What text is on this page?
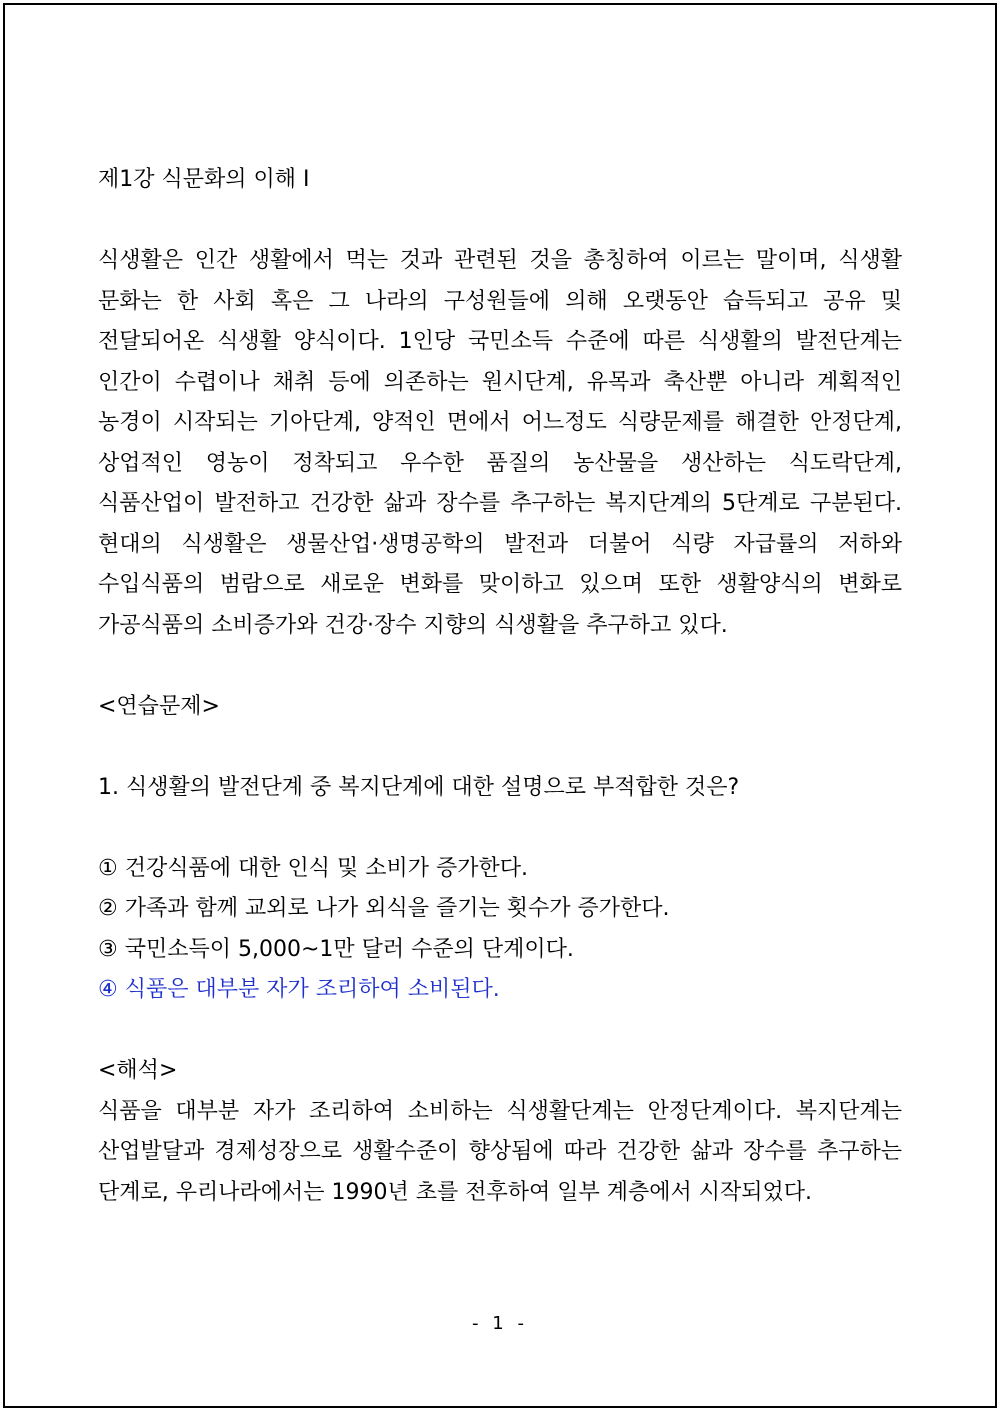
제1강 식문화의 이해 Ⅰ

식생활은 인간 생활에서 먹는 것과 관련된 것을 총칭하여 이르는 말이며, 식생활 문화는 한 사회 혹은 그 나라의 구성원들에 의해 오랫동안 습득되고 공유 및 전달되어온 식생활 양식이다. 1인당 국민소득 수준에 따른 식생활의 발전단계는 인간이 수렵이나 채취 등에 의존하는 원시단계, 유목과 축산뿐 아니라 계획적인 농경이 시작되는 기아단계, 양적인 면에서 어느정도 식량문제를 해결한 안정단계, 상업적인 영농이 정착되고 우수한 품질의 농산물을 생산하는 식도락단계, 식품산업이 발전하고 건강한 삶과 장수를 추구하는 복지단계의 5단계로 구분된다. 현대의 식생활은 생물산업·생명공학의 발전과 더불어 식량 자급률의 저하와 수입식품의 범람으로 새로운 변화를 맞이하고 있으며 또한 생활양식의 변화로 가공식품의 소비증가와 건강·장수 지향의 식생활을 추구하고 있다.

<연습문제>

1. 식생활의 발전단계 중 복지단계에 대한 설명으로 부적합한 것은?

① 건강식품에 대한 인식 및 소비가 증가한다.

② 가족과 함께 교외로 나가 외식을 즐기는 횟수가 증가한다.

③ 국민소득이 5,000~1만 달러 수준의 단계이다.

④ 식품은 대부분 자가 조리하여 소비된다.

<해석>

식품을 대부분 자가 조리하여 소비하는 식생활단계는 안정단계이다. 복지단계는 산업발달과 경제성장으로 생활수준이 향상됨에 따라 건강한 삶과 장수를 추구하는 단계로, 우리나라에서는 1990년 초를 전후하여 일부 계층에서 시작되었다.

- 1 -
